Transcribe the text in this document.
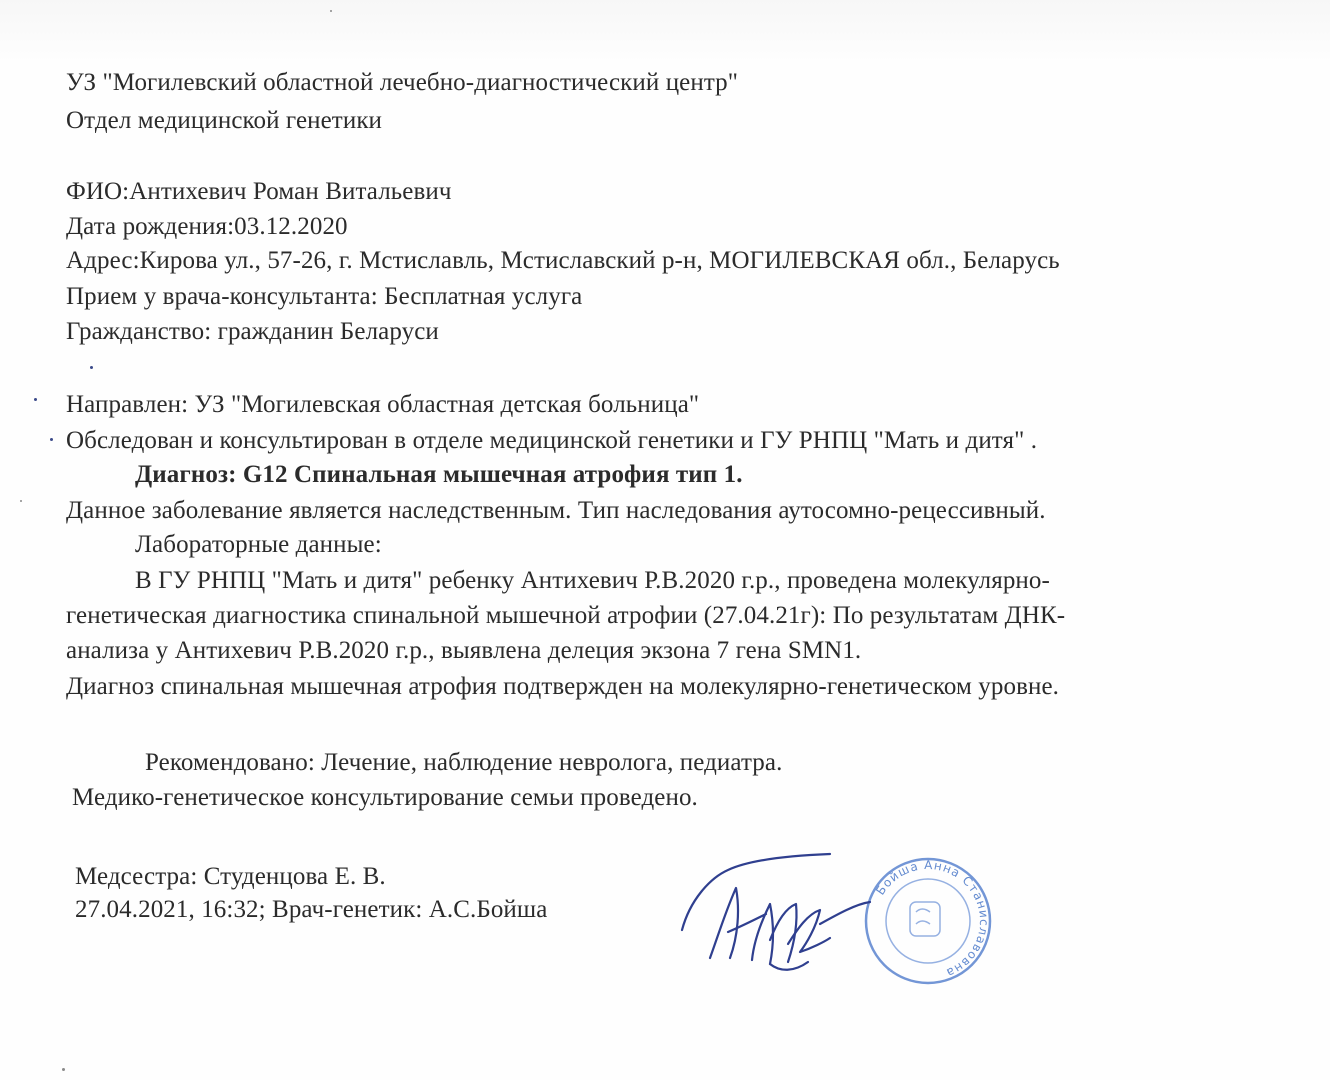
УЗ "Могилевский областной лечебно-диагностический центр"
Отдел медицинской генетики
ФИО:Антихевич Роман Витальевич
Дата рождения:03.12.2020
Адрес:Кирова ул., 57-26, г. Мстиславль, Мстиславский р-н, МОГИЛЕВСКАЯ обл., Беларусь
Прием у врача-консультанта: Бесплатная услуга
Гражданство: гражданин Беларуси
Направлен: УЗ "Могилевская областная детская больница"
Обследован и консультирован в отделе медицинской генетики и ГУ РНПЦ "Мать и дитя" .
Диагноз: G12 Спинальная мышечная атрофия тип 1.
Данное заболевание является наследственным. Тип наследования аутосомно-рецессивный.
Лабораторные данные:
В ГУ РНПЦ "Мать и дитя" ребенку Антихевич Р.В.2020 г.р., проведена молекулярно-
генетическая диагностика спинальной мышечной атрофии (27.04.21г): По результатам ДНК-
анализа у Антихевич Р.В.2020 г.р., выявлена делеция экзона 7 гена SMN1.
Диагноз спинальная мышечная атрофия подтвержден на молекулярно-генетическом уровне.
Рекомендовано: Лечение, наблюдение невролога, педиатра.
Медико-генетическое консультирование семьи проведено.
Медсестра: Студенцова Е. В.
27.04.2021, 16:32; Врач-генетик: А.С.Бойша
Бойша Анна Станиславовна
